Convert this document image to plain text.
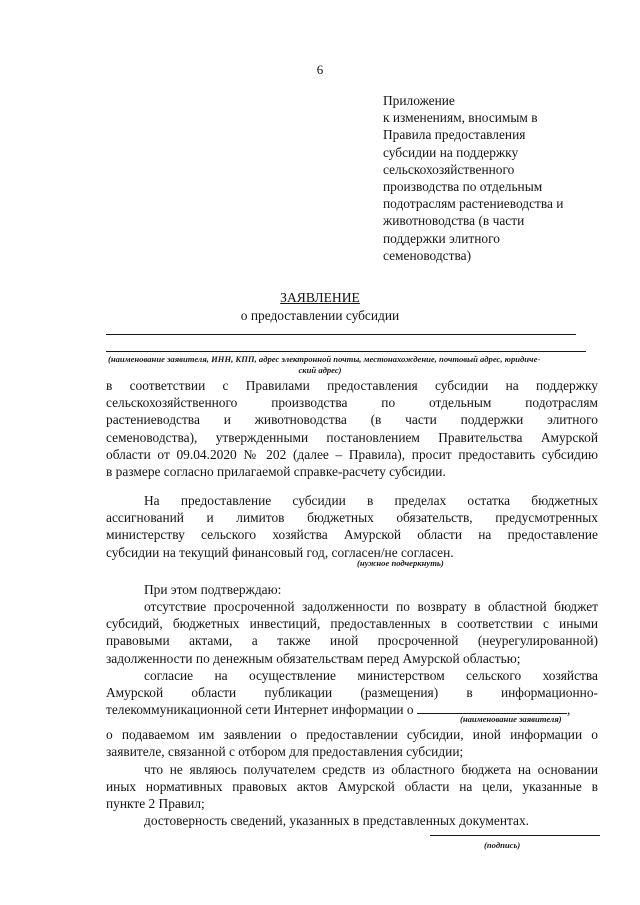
6
Приложение
к изменениям, вносимым в
Правила предоставления
субсидии на поддержку
сельскохозяйственного
производства по отдельным
подотраслям растениеводства и
животноводства (в части
поддержки элитного
семеноводства)
ЗАЯВЛЕНИЕ
о предоставлении субсидии
(наименование заявителя, ИНН, КПП, адрес электронной почты, местонахождение, почтовый адрес, юридиче-
ский адрес)
в соответствии с Правилами предоставления субсидии на поддержку
сельскохозяйственного производства по отдельным подотраслям
растениеводства и животноводства (в части поддержки элитного
семеноводства), утвержденными постановлением Правительства Амурской
области от 09.04.2020 № 202 (далее – Правила), просит предоставить субсидию
в размере согласно прилагаемой справке-расчету субсидии.
На предоставление субсидии в пределах остатка бюджетных
ассигнований и лимитов бюджетных обязательств, предусмотренных
министерству сельского хозяйства Амурской области на предоставление
субсидии на текущий финансовый год, согласен/не согласен.
(нужное подчеркнуть)
При этом подтверждаю:
отсутствие просроченной задолженности по возврату в областной бюджет
субсидий, бюджетных инвестиций, предоставленных в соответствии с иными
правовыми актами, а также иной просроченной (неурегулированной)
задолженности по денежным обязательствам перед Амурской областью;
согласие на осуществление министерством сельского хозяйства
Амурской области публикации (размещения) в информационно-
телекоммуникационной сети Интернет информации о	,
(наименование заявителя)
о подаваемом им заявлении о предоставлении субсидии, иной информации о
заявителе, связанной с отбором для предоставления субсидии;
что не являюсь получателем средств из областного бюджета на основании
иных нормативных правовых актов Амурской области на цели, указанные в
пункте 2 Правил;
достоверность сведений, указанных в представленных документах.
(подпись)
